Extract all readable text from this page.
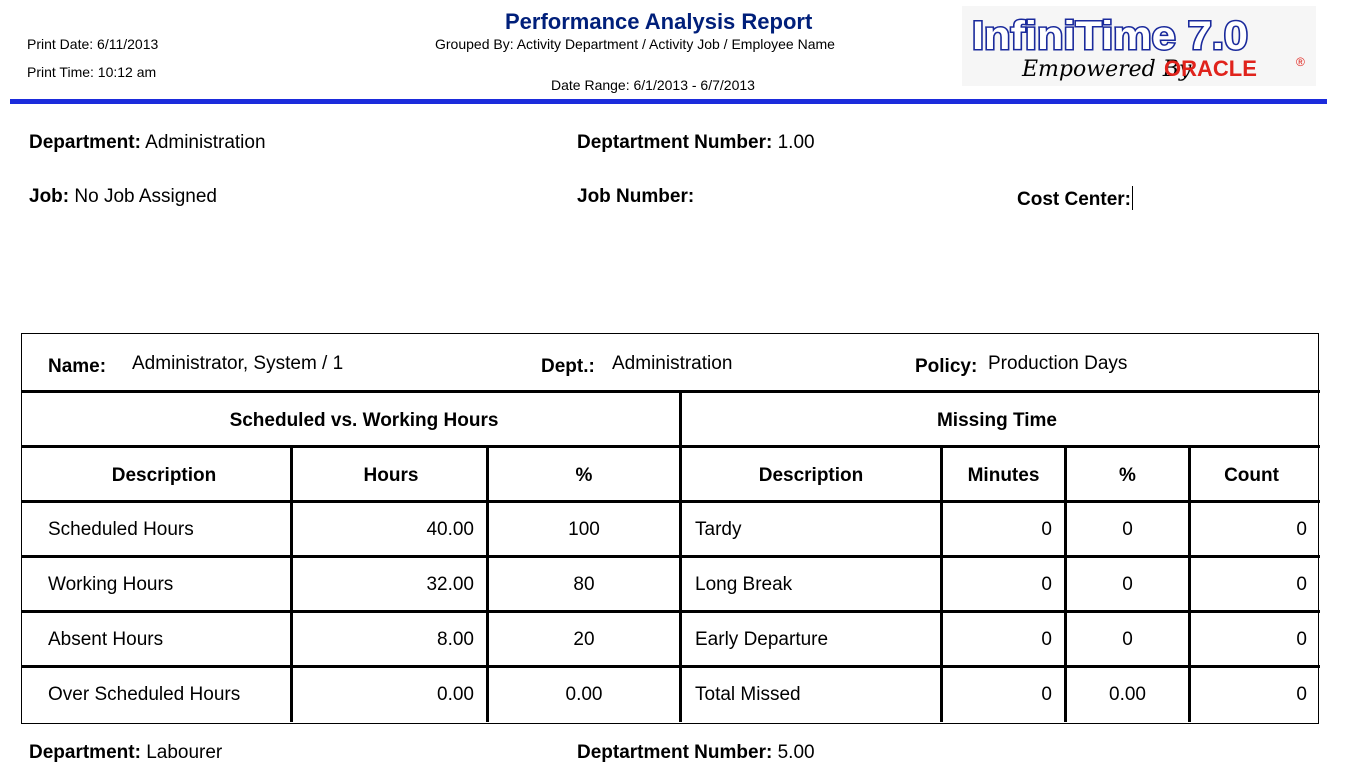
Print Date: 6/11/2013
Print Time: 10:12 am
Performance Analysis Report
Grouped By: Activity Department / Activity Job / Employee Name
Date Range: 6/1/2013 - 6/7/2013
InfiniTime 7.0
Empowered By
ORACLE	®
Department: Administration	Deptartment Number: 1.00
Job: No Job Assigned	Job Number:	Cost Center:
Name: Administrator, System / 1	Dept.: Administration	Policy: Production Days
Scheduled vs. Working Hours	Missing Time
Description	Hours	%	Description	Minutes	%	Count
Scheduled Hours	40.00	100	Tardy	0	0	0
Working Hours	32.00	80	Long Break	0	0	0
Absent Hours	8.00	20	Early Departure	0	0	0
Over Scheduled Hours	0.00	0.00	Total Missed	0	0.00	0
Department: Labourer	Deptartment Number: 5.00
